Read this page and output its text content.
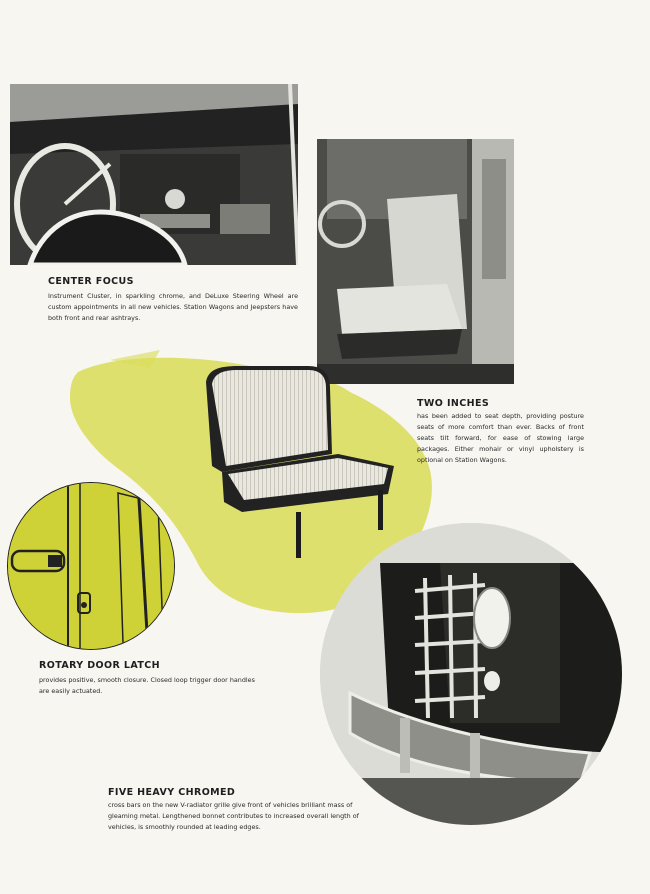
CENTER FOCUS

Instrument Cluster, in sparkling chrome, and DeLuxe Steering Wheel are custom appointments in all new vehicles. Station Wagons and Jeepsters have both front and rear ashtrays.

TWO INCHES

has been added to seat depth, providing posture seats of more comfort than ever. Backs of front seats tilt forward, for ease of stowing large packages. Either mohair or vinyl upholstery is optional on Station Wagons.

ROTARY DOOR LATCH

provides positive, smooth closure. Closed loop trigger door handles are easily actuated.

FIVE HEAVY CHROMED

cross bars on the new V-radiator grille give front of vehicles brilliant mass of gleaming metal. Lengthened bonnet contributes to increased overall length of vehicles, is smoothly rounded at leading edges.
